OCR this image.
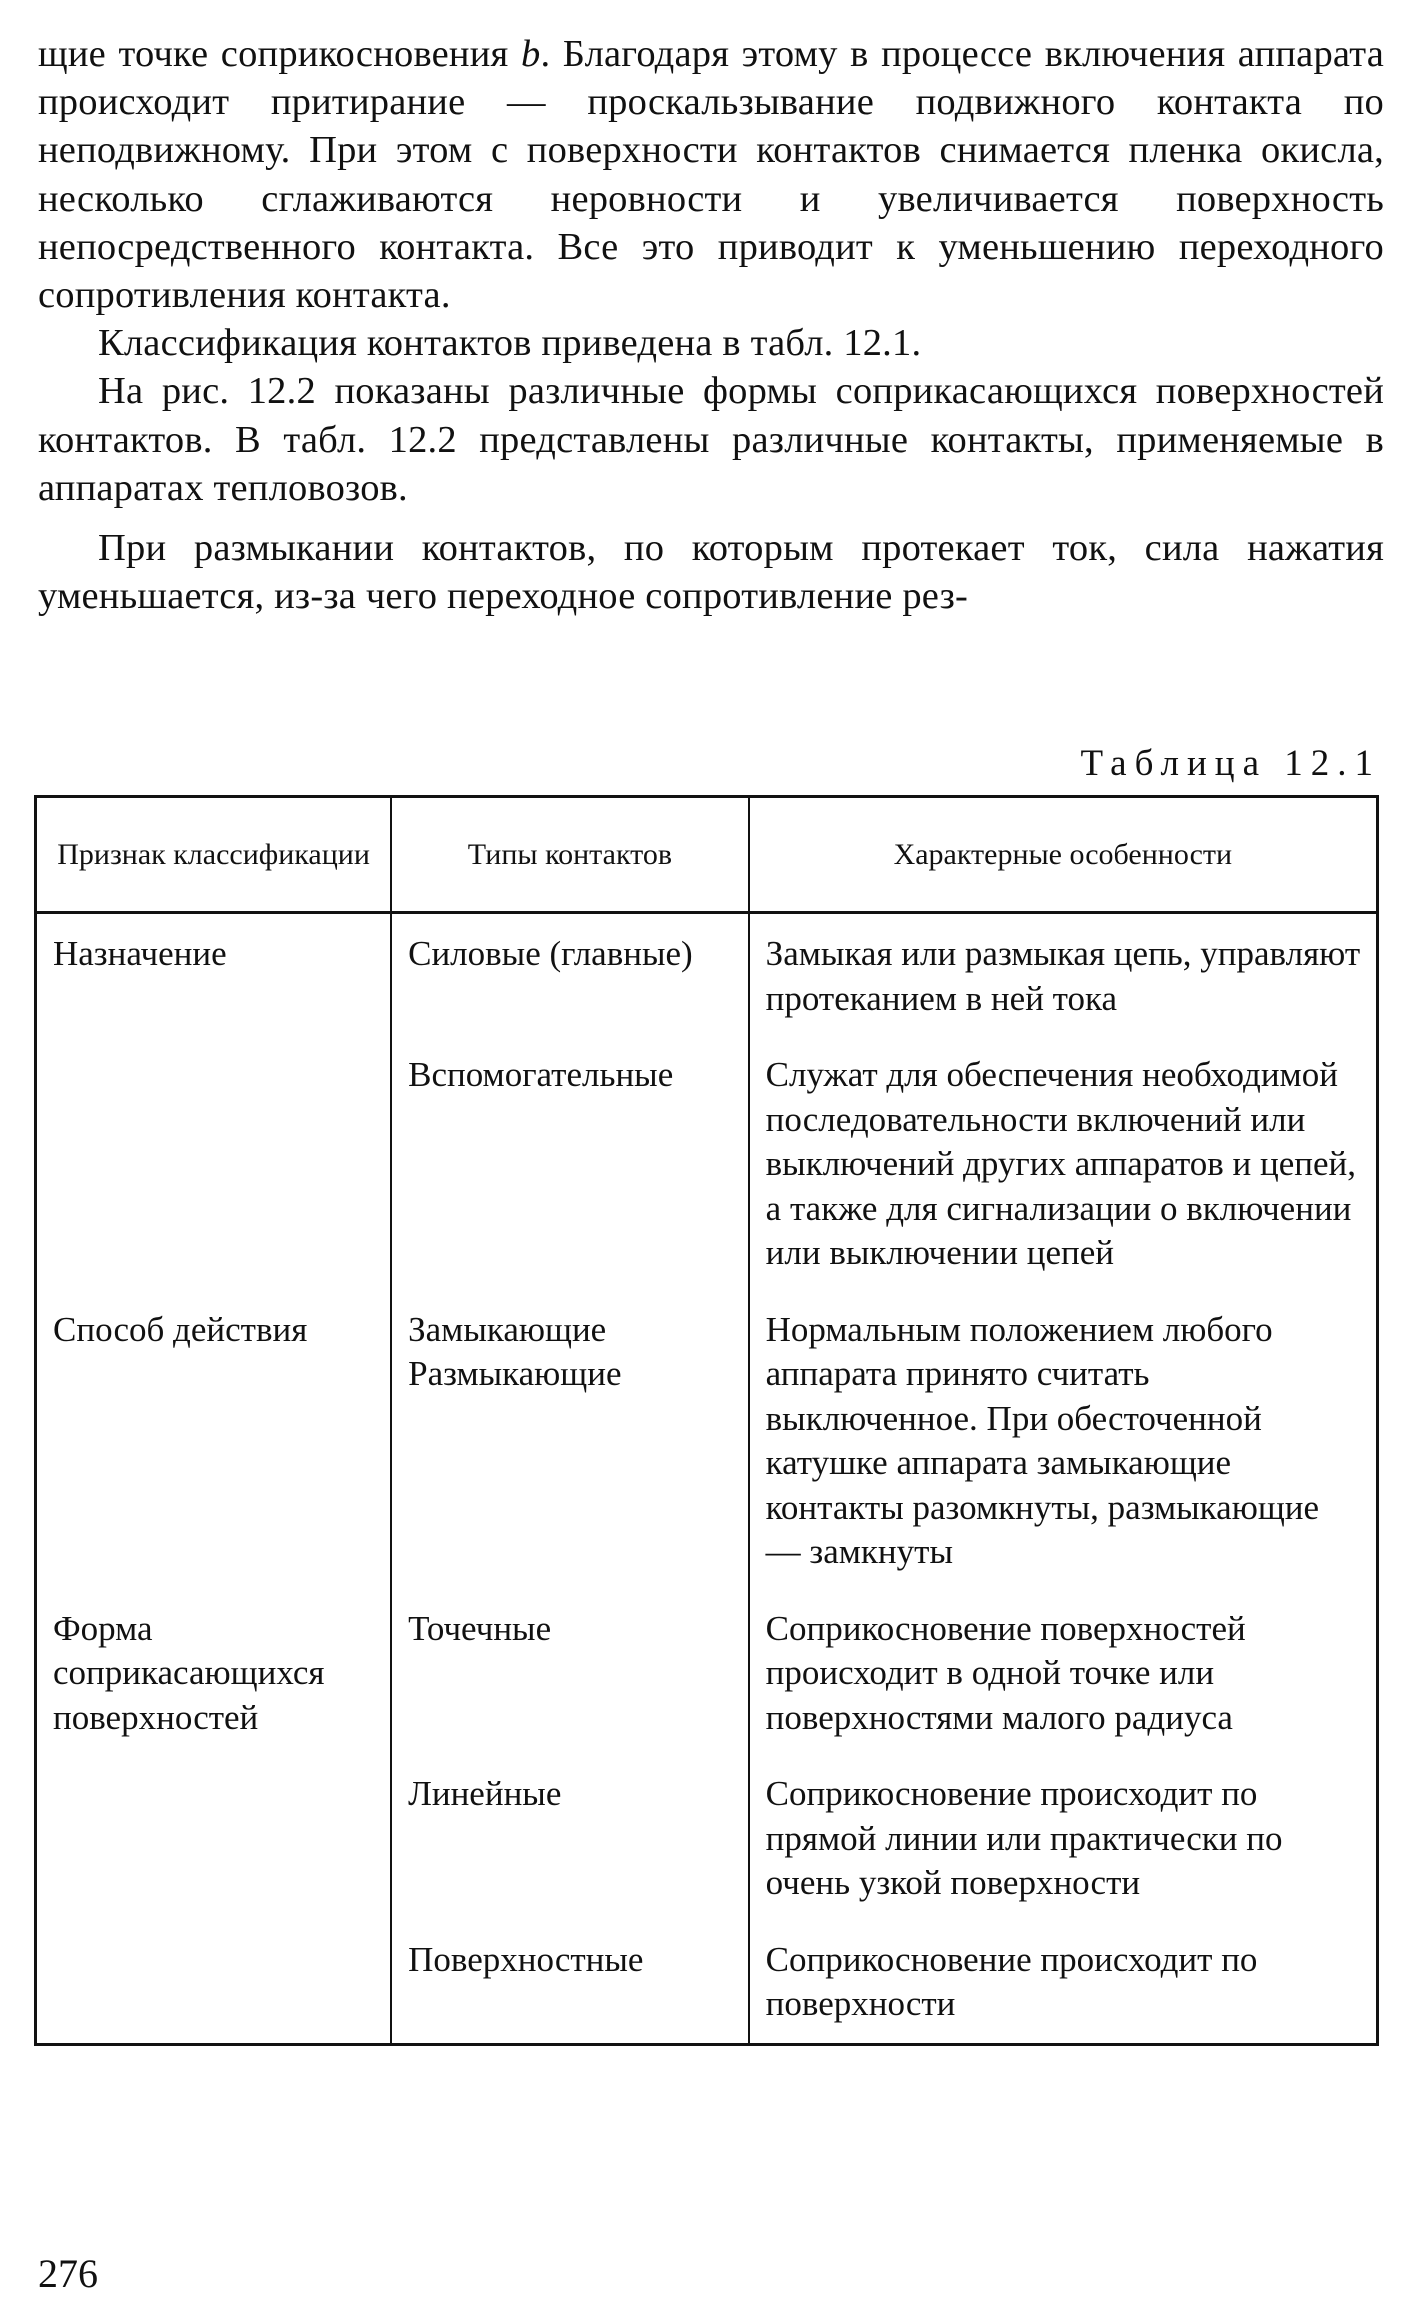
щие точке соприкосновения b. Благодаря этому в процессе включения аппарата происходит притирание — проскальзывание подвижного контакта по неподвижному. При этом с поверхности контактов снимается пленка окисла, несколько сглаживаются неровности и увеличивается поверхность непосредственного контакта. Все это приводит к уменьшению переходного сопротивления контакта.

Классификация контактов приведена в табл. 12.1.

На рис. 12.2 показаны различные формы соприкасающихся поверхностей контактов. В табл. 12.2 представлены различные контакты, применяемые в аппаратах тепловозов.

При размыкании контактов, по которым протекает ток, сила нажатия уменьшается, из-за чего переходное сопротивление рез-

Таблица 12.1
Признак классификации	Типы контактов	Характерные особенности
Назначение	Силовые (главные)	Замыкая или размыкая цепь, управляют протеканием в ней тока
	Вспомогательные	Служат для обеспечения необходимой последовательности включений или выключений других аппаратов и цепей, а также для сигнализации о включении или выключении цепей
Способ действия	Замыкающие Размыкающие	Нормальным положением любого аппарата принято считать выключенное. При обесточенной катушке аппарата замыкающие контакты разомкнуты, размыкающие — замкнуты
Форма соприкасающихся поверхностей	Точечные	Соприкосновение поверхностей происходит в одной точке или поверхностями малого радиуса
	Линейные	Соприкосновение происходит по прямой линии или практически по очень узкой поверхности
	Поверхностные	Соприкосновение происходит по поверхности
276
